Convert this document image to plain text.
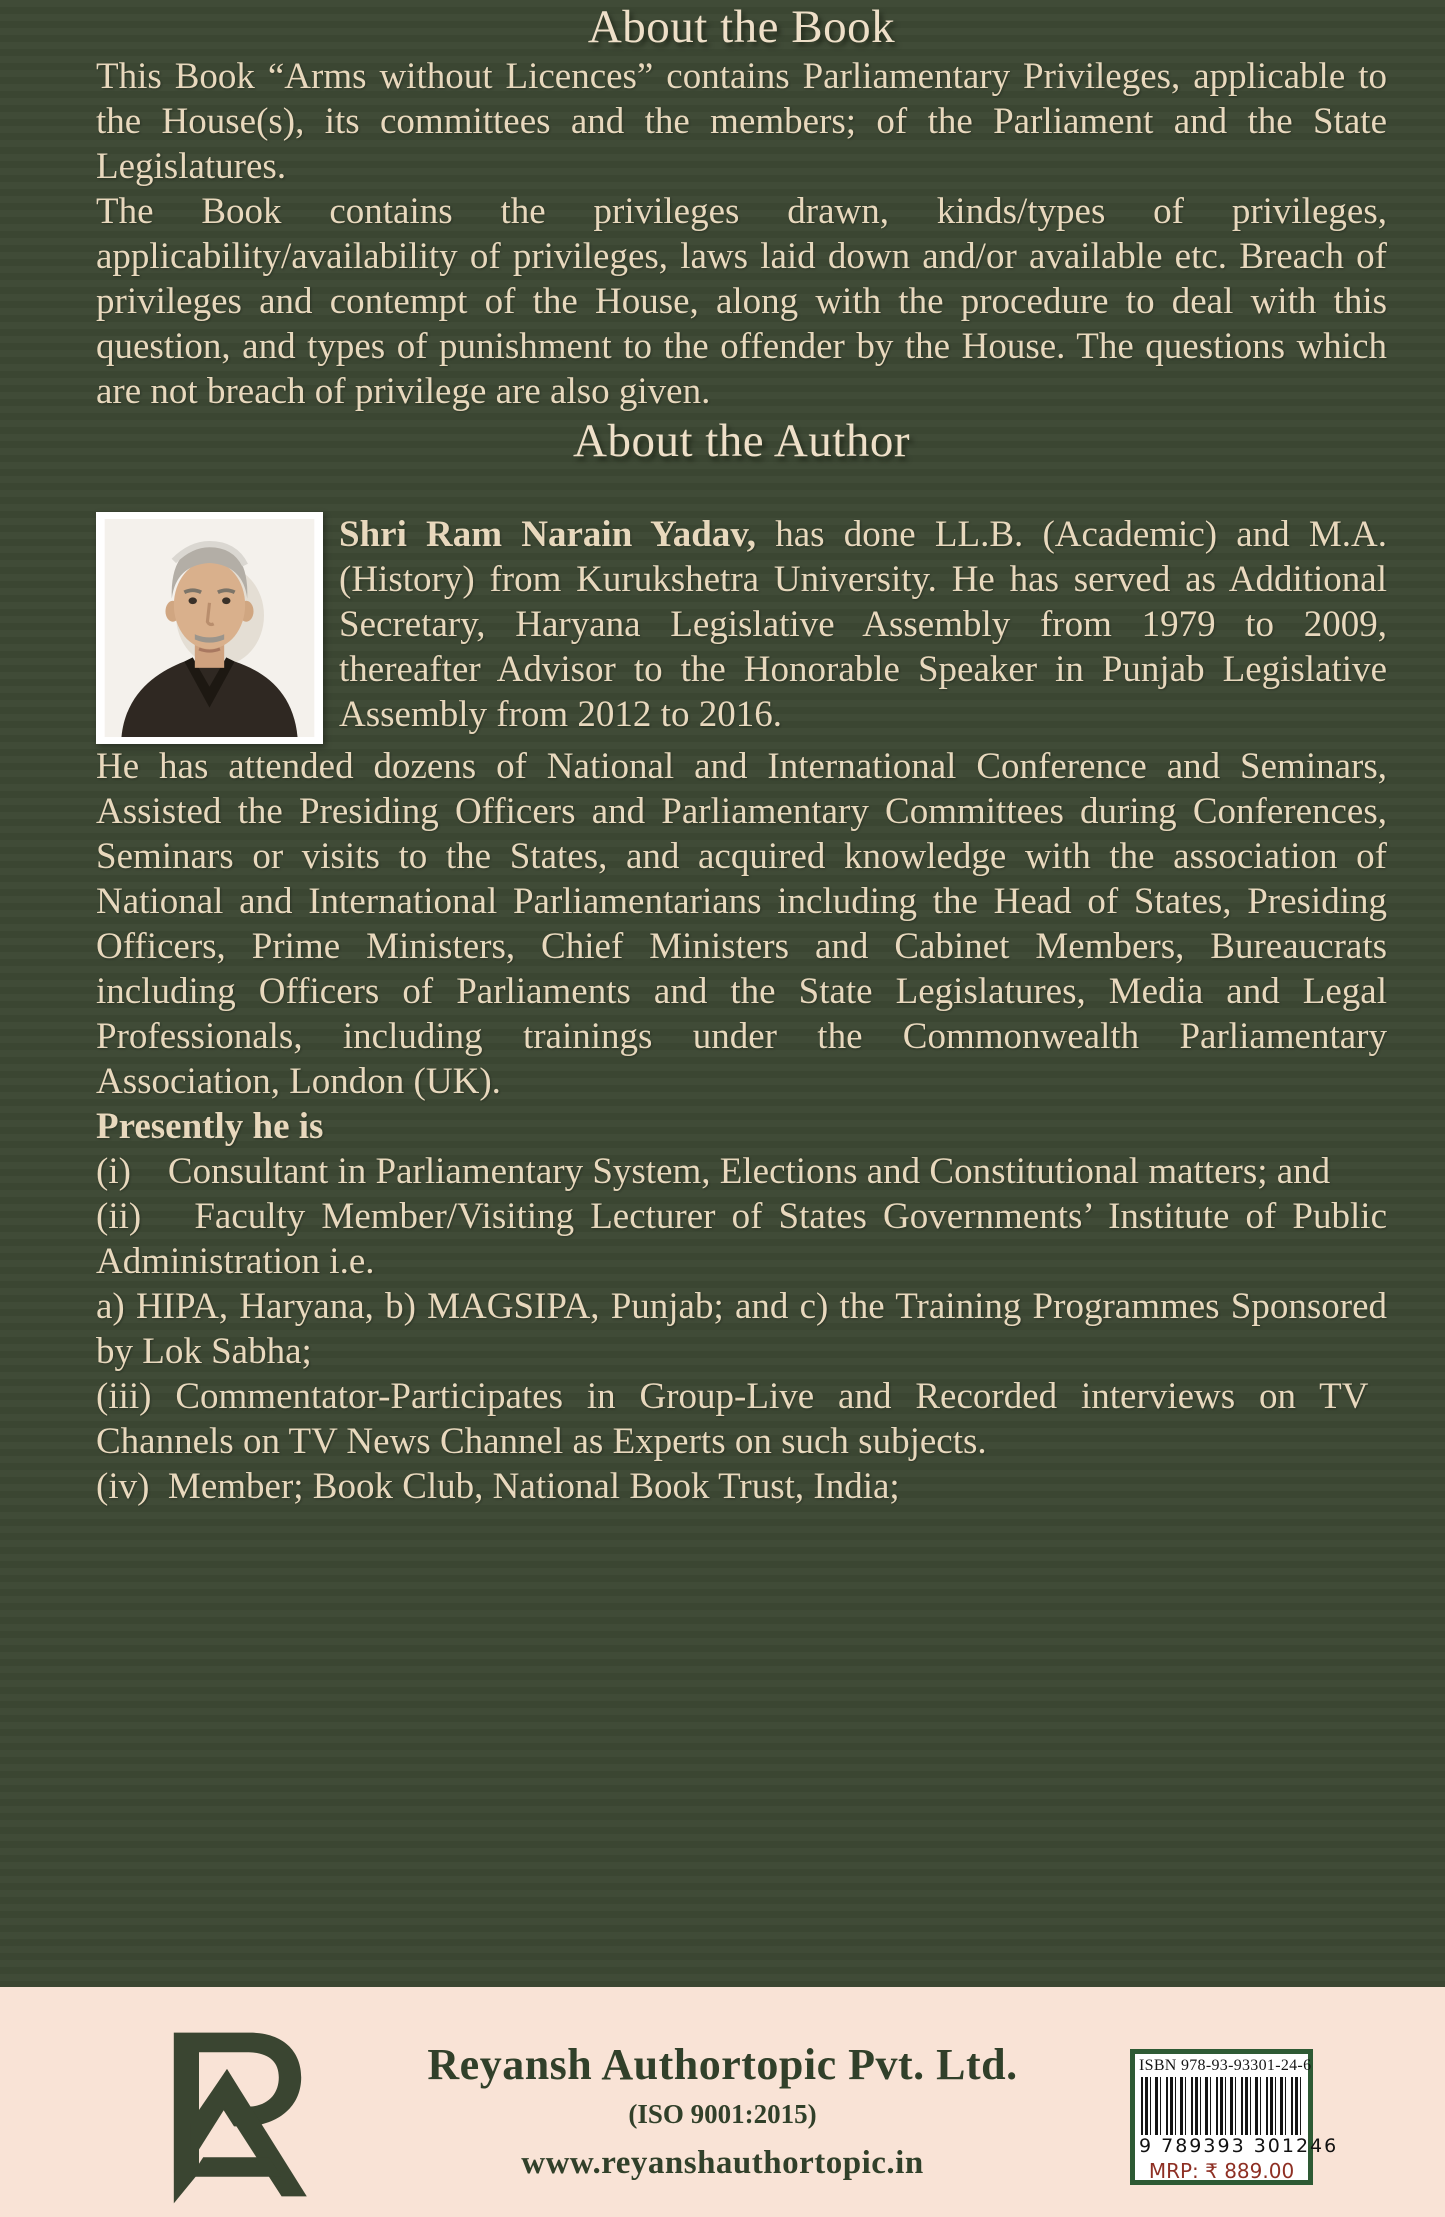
About the Book

This Book “Arms without Licences” contains Parliamentary Privileges, applicable to the House(s), its committees and the members; of the Parliament and the State Legislatures.

The Book contains the privileges drawn, kinds/types of privileges, applicability/availability of privileges, laws laid down and/or available etc. Breach of privileges and contempt of the House, along with the procedure to deal with this question, and types of punishment to the offender by the House. The questions which are not breach of privilege are also given.

About the Author

Shri Ram Narain Yadav, has done LL.B. (Academic) and M.A.(History) from Kurukshetra University. He has served as Additional Secretary, Haryana Legislative Assembly from 1979 to 2009, thereafter Advisor to the Honorable Speaker in Punjab Legislative Assembly from 2012 to 2016.

He has attended dozens of National and International Conference and Seminars, Assisted the Presiding Officers and Parliamentary Committees during Conferences, Seminars or visits to the States, and acquired knowledge with the association of National and International Parliamentarians including the Head of States, Presiding Officers, Prime Ministers, Chief Ministers and Cabinet Members, Bureaucrats including Officers of Parliaments and the State Legislatures, Media and Legal Professionals, including trainings under the Commonwealth Parliamentary Association, London (UK).

Presently he is

(i) Consultant in Parliamentary System, Elections and Constitutional matters; and

(ii)  Faculty Member/Visiting Lecturer of States Governments’ Institute of Public Administration i.e.

a) HIPA, Haryana, b) MAGSIPA, Punjab; and c) the Training Programmes Sponsored by Lok Sabha;

(iii) Commentator-Participates in Group-Live and Recorded interviews on TV Channels on TV News Channel as Experts on such subjects.

(iv) Member; Book Club, National Book Trust, India;

Reyansh Authortopic Pvt. Ltd.

(ISO 9001:2015)

www.reyanshauthortopic.in

ISBN 978-93-93301-24-6

9 789393 301246

MRP: ₹ 889.00
